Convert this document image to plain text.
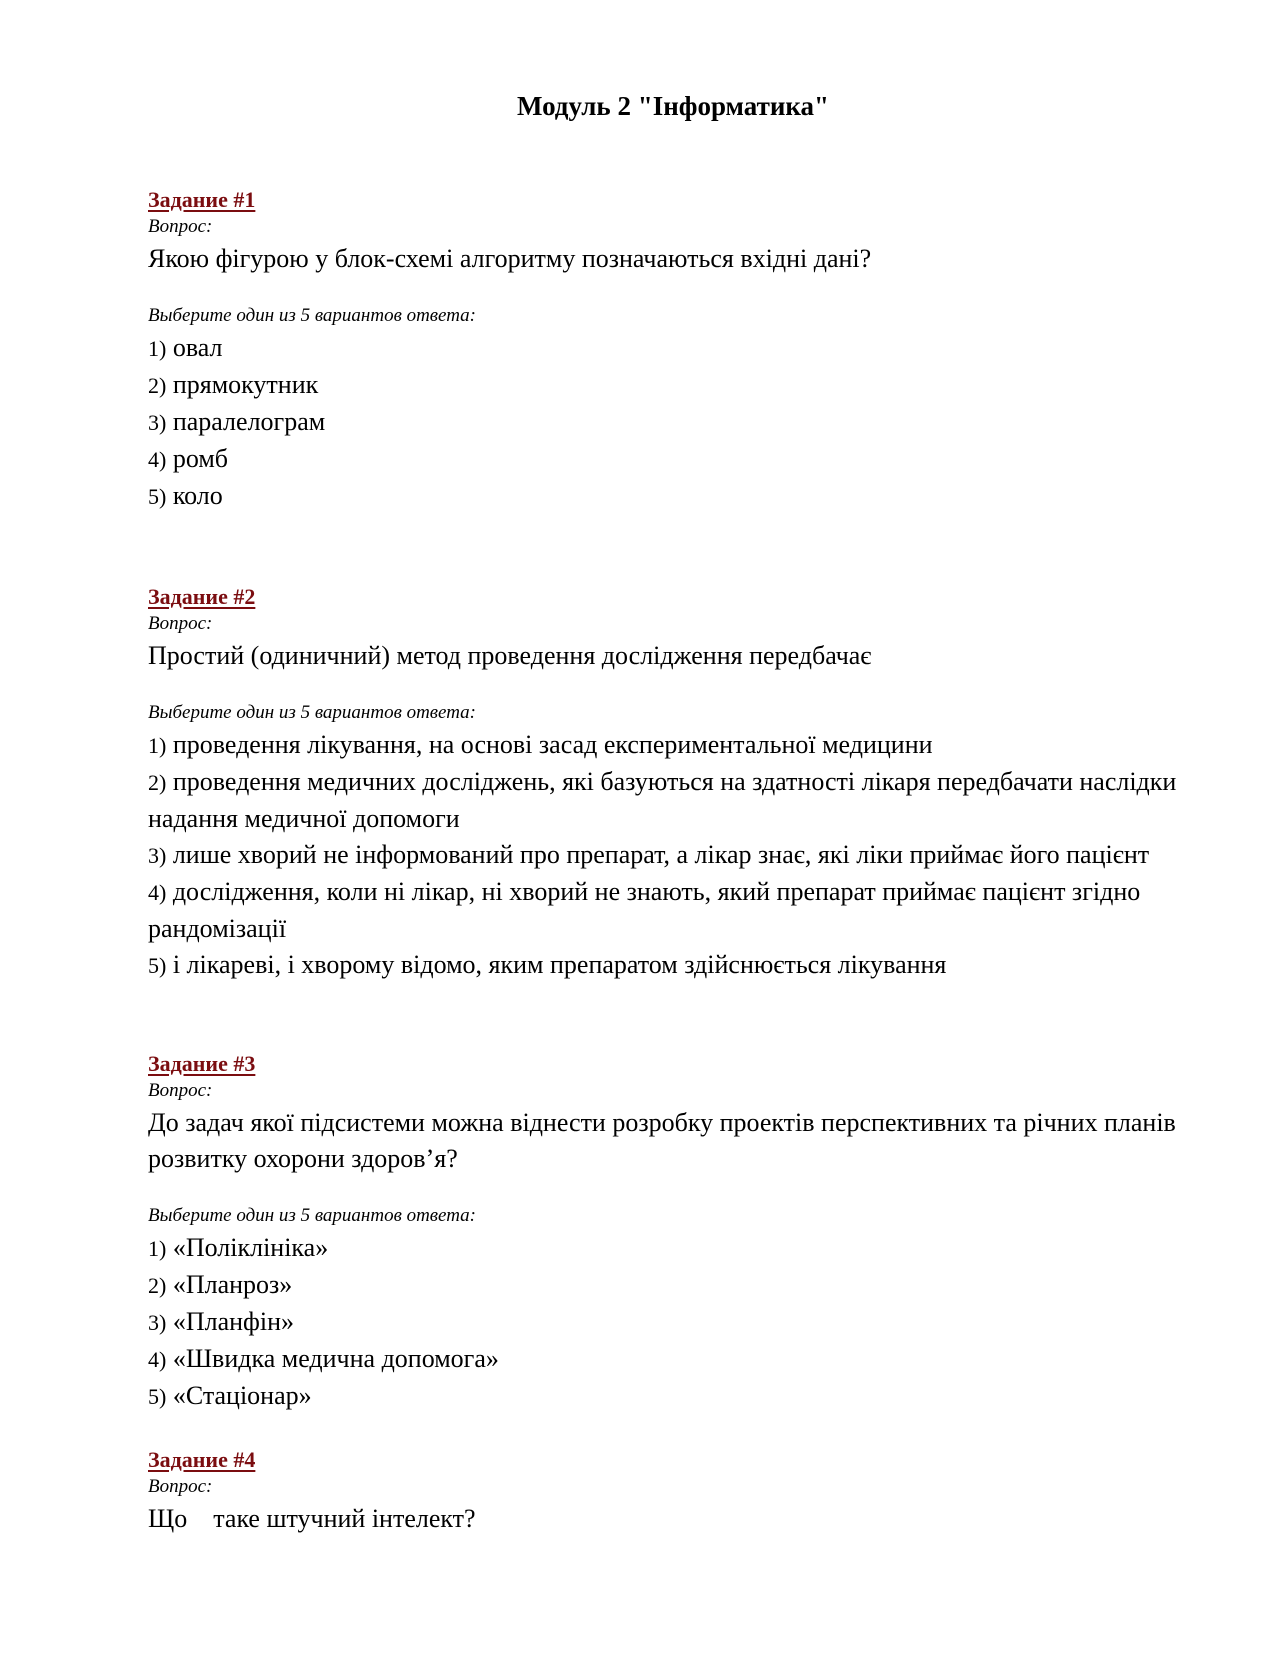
Модуль 2 "Інформатика"
Задание #1

Вопрос:

Якою фігурою у блок-схемі алгоритму позначаються вхідні дані?

Выберите один из 5 вариантов ответа:

1) овал
2) прямокутник
3) паралелограм
4) ромб
5) коло
Задание #2

Вопрос:

Простий (одиничний) метод проведення дослідження передбачає

Выберите один из 5 вариантов ответа:

1) проведення лікування, на основі засад експериментальної медицини
2) проведення медичних досліджень, які базуються на здатності лікаря передбачати наслідки надання медичної допомоги
3) лише хворий не інформований про препарат, а лікар знає, які ліки приймає його пацієнт
4) дослідження, коли ні лікар, ні хворий не знають, який препарат приймає пацієнт згідно рандомізації
5) і лікареві, і хворому відомо, яким препаратом здійснюється лікування
Задание #3

Вопрос:

До задач якої підсистеми можна віднести розробку проектів перспективних та річних планів розвитку охорони здоров’я?

Выберите один из 5 вариантов ответа:

1) «Поліклініка»
2) «Планроз»
3) «Планфін»
4) «Швидка медична допомога»
5) «Стаціонар»
Задание #4

Вопрос:

Що    таке штучний інтелект?
